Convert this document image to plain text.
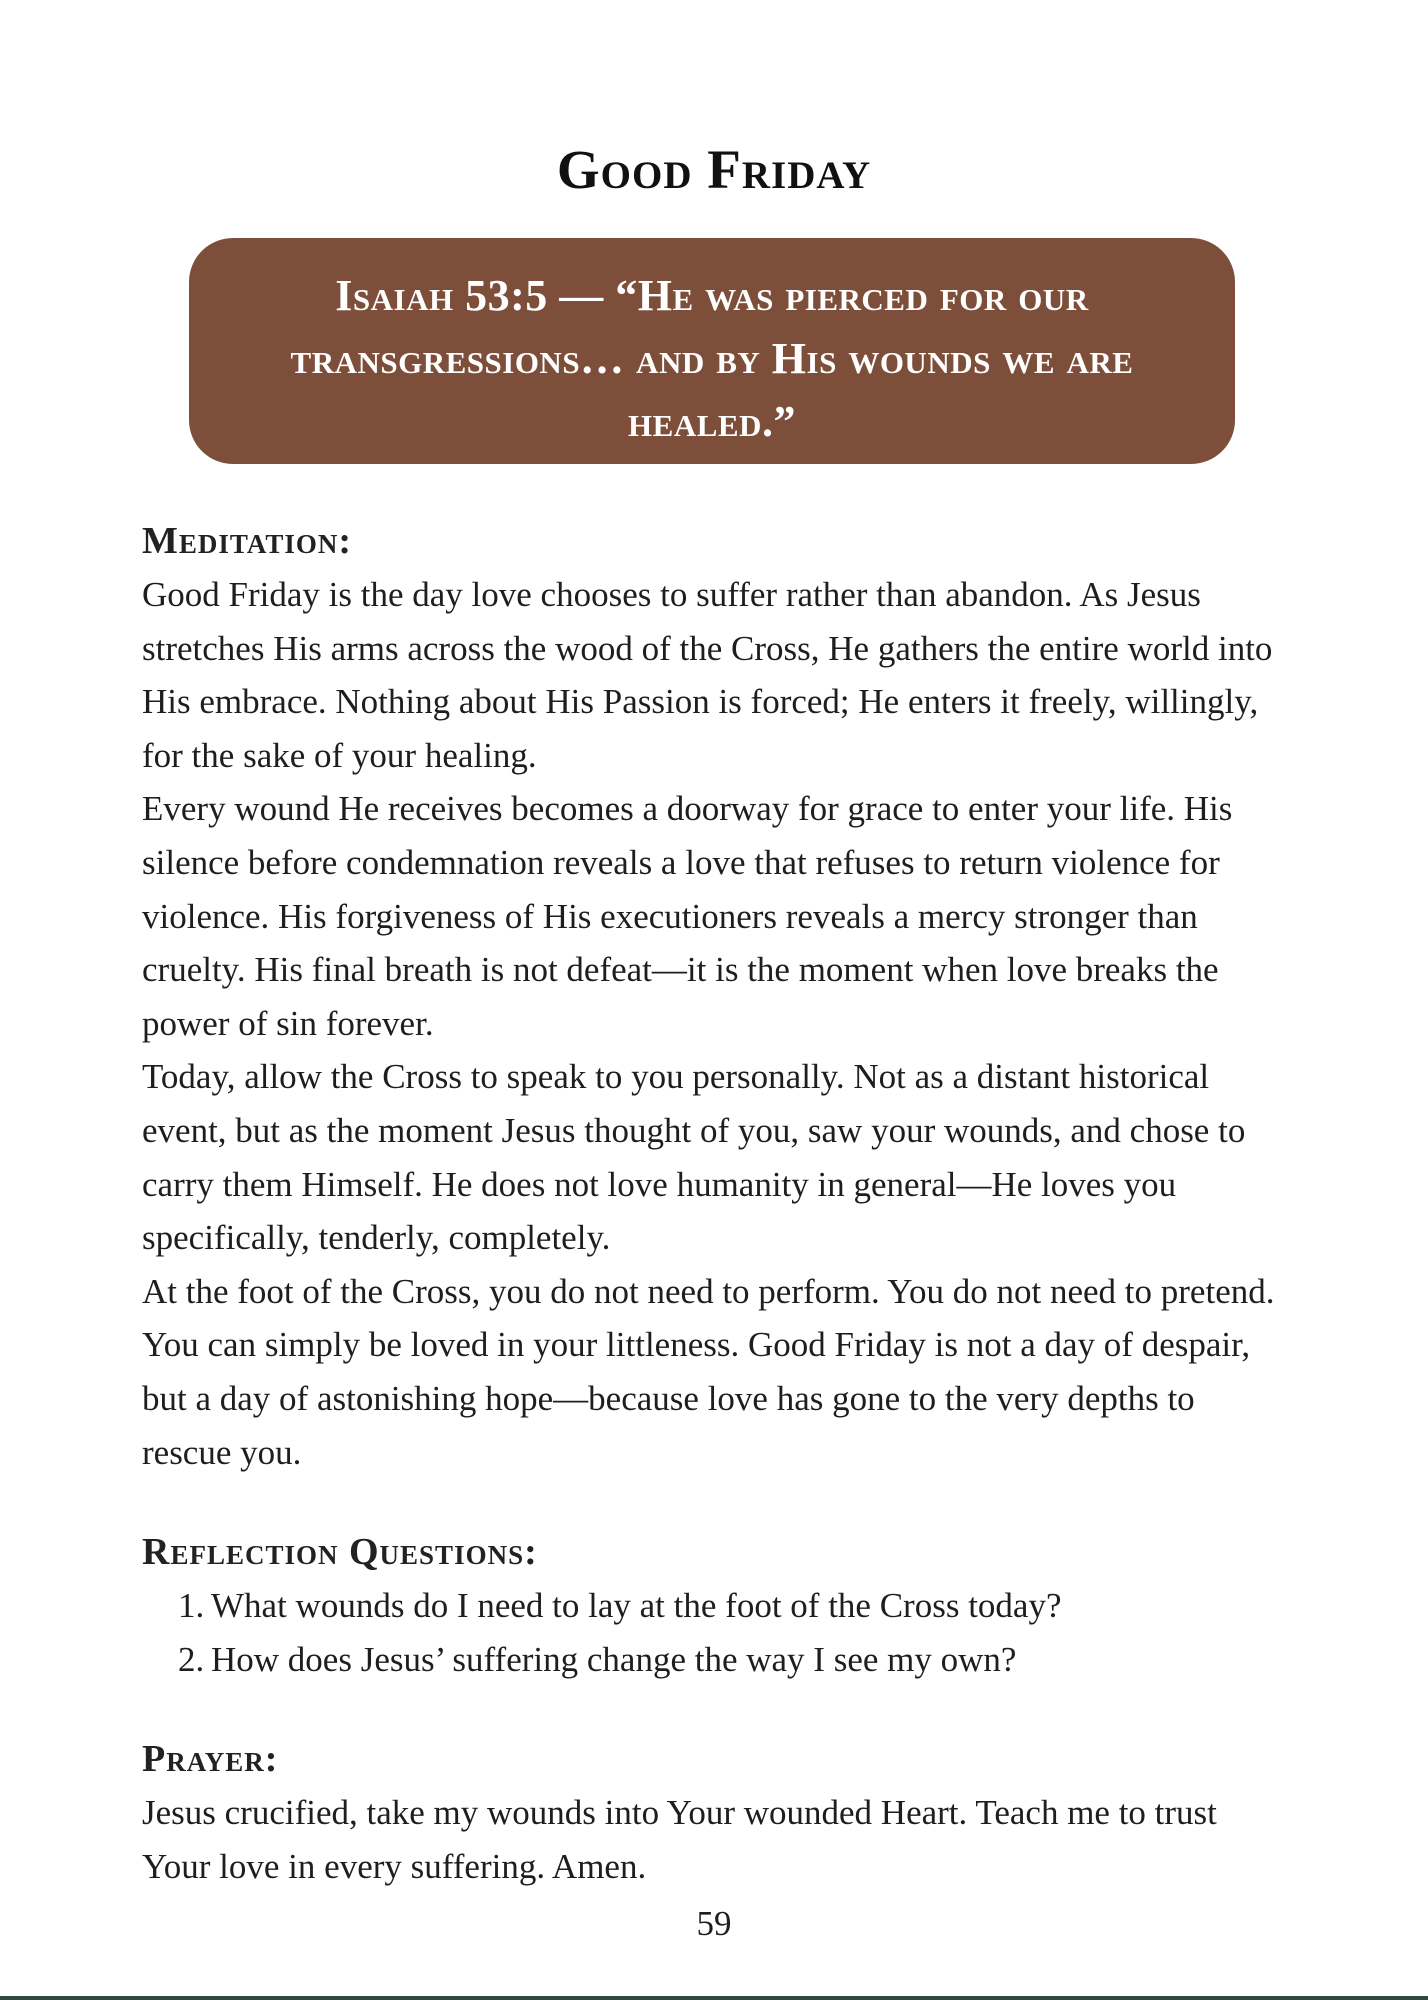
Good Friday

Isaiah 53:5 — “He was pierced for our transgressions… and by His wounds we are healed.”

Meditation:

Good Friday is the day love chooses to suffer rather than abandon. As Jesus stretches His arms across the wood of the Cross, He gathers the entire world into His embrace. Nothing about His Passion is forced; He enters it freely, willingly, for the sake of your healing.

Every wound He receives becomes a doorway for grace to enter your life. His silence before condemnation reveals a love that refuses to return violence for violence. His forgiveness of His executioners reveals a mercy stronger than cruelty. His final breath is not defeat—it is the moment when love breaks the power of sin forever.

Today, allow the Cross to speak to you personally. Not as a distant historical event, but as the moment Jesus thought of you, saw your wounds, and chose to carry them Himself. He does not love humanity in general—He loves you specifically, tenderly, completely.

At the foot of the Cross, you do not need to perform. You do not need to pretend. You can simply be loved in your littleness. Good Friday is not a day of despair, but a day of astonishing hope—because love has gone to the very depths to rescue you.

Reflection Questions:
1. What wounds do I need to lay at the foot of the Cross today?
2. How does Jesus’ suffering change the way I see my own?
Prayer:

Jesus crucified, take my wounds into Your wounded Heart. Teach me to trust Your love in every suffering. Amen.

59
